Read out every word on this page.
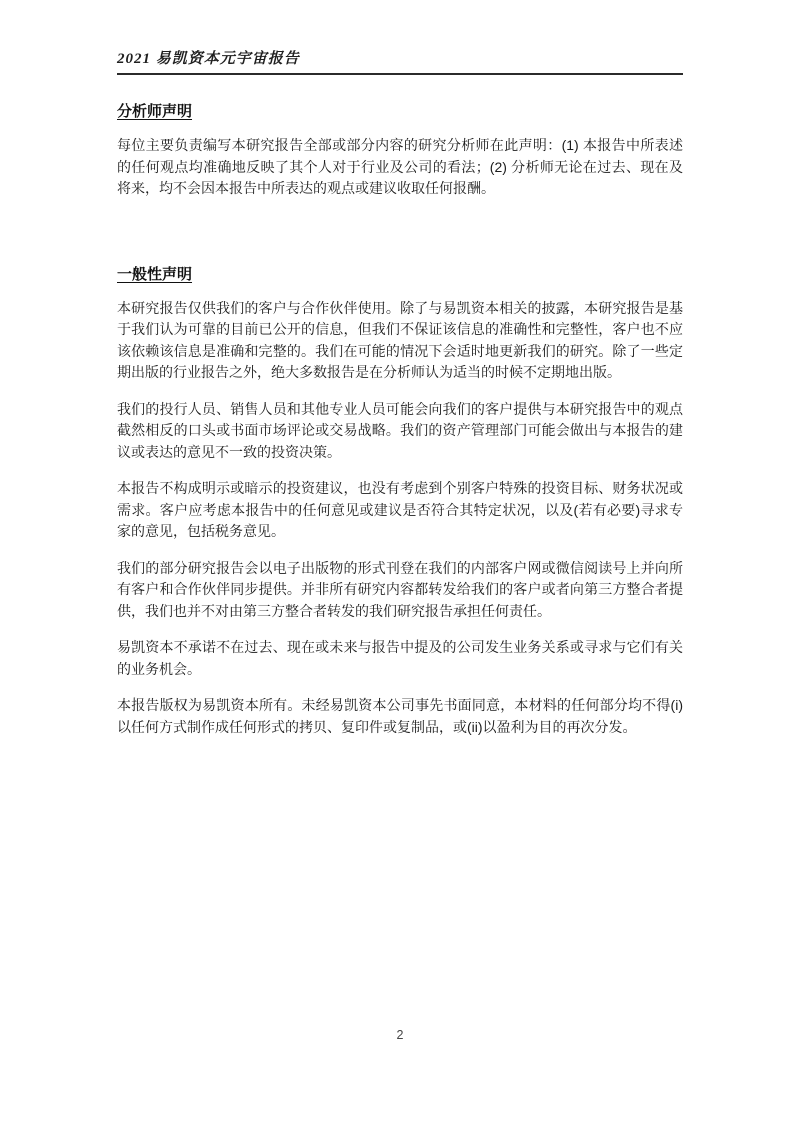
2021 易凯资本元宇宙报告
分析师声明

每位主要负责编写本研究报告全部或部分内容的研究分析师在此声明：(1) 本报告中所表述的任何观点均准确地反映了其个人对于行业及公司的看法；(2) 分析师无论在过去、现在及将来，均不会因本报告中所表达的观点或建议收取任何报酬。

一般性声明

本研究报告仅供我们的客户与合作伙伴使用。除了与易凯资本相关的披露，本研究报告是基于我们认为可靠的目前已公开的信息，但我们不保证该信息的准确性和完整性，客户也不应该依赖该信息是准确和完整的。我们在可能的情况下会适时地更新我们的研究。除了一些定期出版的行业报告之外，绝大多数报告是在分析师认为适当的时候不定期地出版。

我们的投行人员、销售人员和其他专业人员可能会向我们的客户提供与本研究报告中的观点截然相反的口头或书面市场评论或交易战略。我们的资产管理部门可能会做出与本报告的建议或表达的意见不一致的投资决策。

本报告不构成明示或暗示的投资建议，也没有考虑到个别客户特殊的投资目标、财务状况或需求。客户应考虑本报告中的任何意见或建议是否符合其特定状况，以及(若有必要)寻求专家的意见，包括税务意见。

我们的部分研究报告会以电子出版物的形式刊登在我们的内部客户网或微信阅读号上并向所有客户和合作伙伴同步提供。并非所有研究内容都转发给我们的客户或者向第三方整合者提供，我们也并不对由第三方整合者转发的我们研究报告承担任何责任。

易凯资本不承诺不在过去、现在或未来与报告中提及的公司发生业务关系或寻求与它们有关的业务机会。

本报告版权为易凯资本所有。未经易凯资本公司事先书面同意，本材料的任何部分均不得(i)以任何方式制作成任何形式的拷贝、复印件或复制品，或(ii)以盈利为目的再次分发。

2
